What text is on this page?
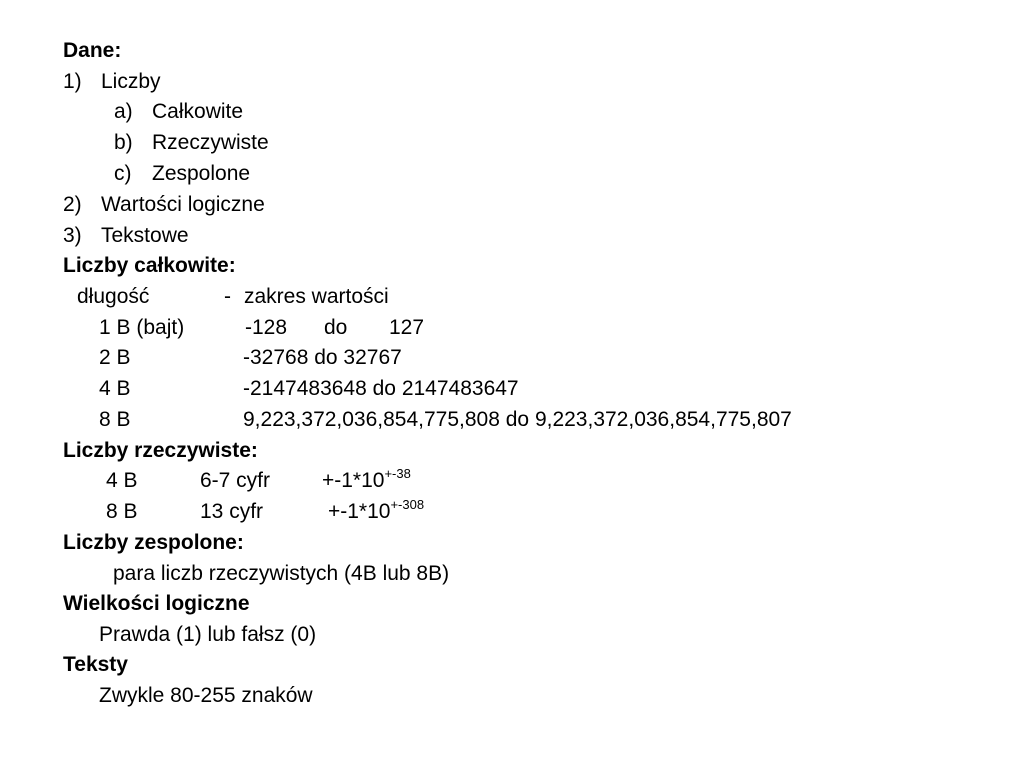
Dane:
1) Liczby
a) Całkowite
b) Rzeczywiste
c) Zespolone
2) Wartości logiczne
3) Tekstowe
Liczby całkowite:
długość	- zakres wartości
1 B (bajt)	-128 do 127
2 B	-32768 do 32767
4 B	-2147483648 do 2147483647
8 B	9,223,372,036,854,775,808 do 9,223,372,036,854,775,807
Liczby rzeczywiste:
4 B	6-7 cyfr $+-1*10^{+-38}$
8 B	13 cyfr	$+-1*10^{+-308}$
Liczby zespolone:
para liczb rzeczywistych (4B lub 8B)
Wielkości logiczne
Prawda (1) lub fałsz (0)
Teksty
Zwykle 80-255 znaków
